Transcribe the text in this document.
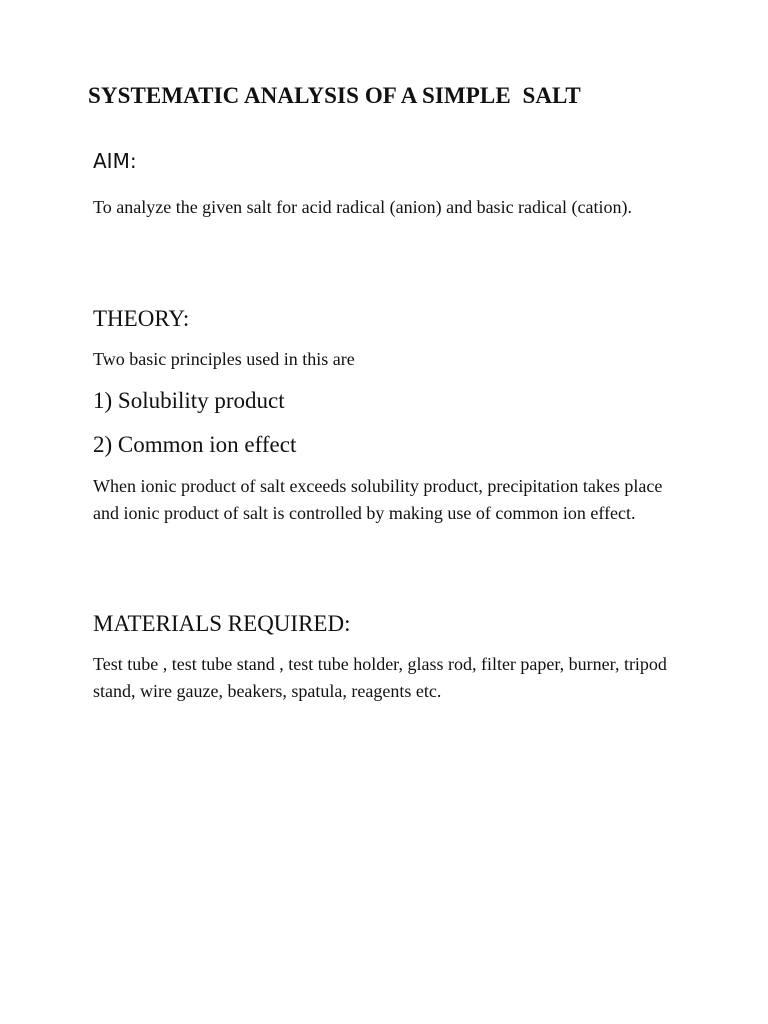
SYSTEMATIC ANALYSIS OF A SIMPLE  SALT
AIM:

To analyze the given salt for acid radical (anion) and basic radical (cation).

THEORY:

Two basic principles used in this are

1) Solubility product

2) Common ion effect

When ionic product of salt exceeds solubility product, precipitation takes place and ionic product of salt is controlled by making use of common ion effect.

MATERIALS REQUIRED:

Test tube , test tube stand , test tube holder, glass rod, filter paper, burner, tripod stand, wire gauze, beakers, spatula, reagents etc.
